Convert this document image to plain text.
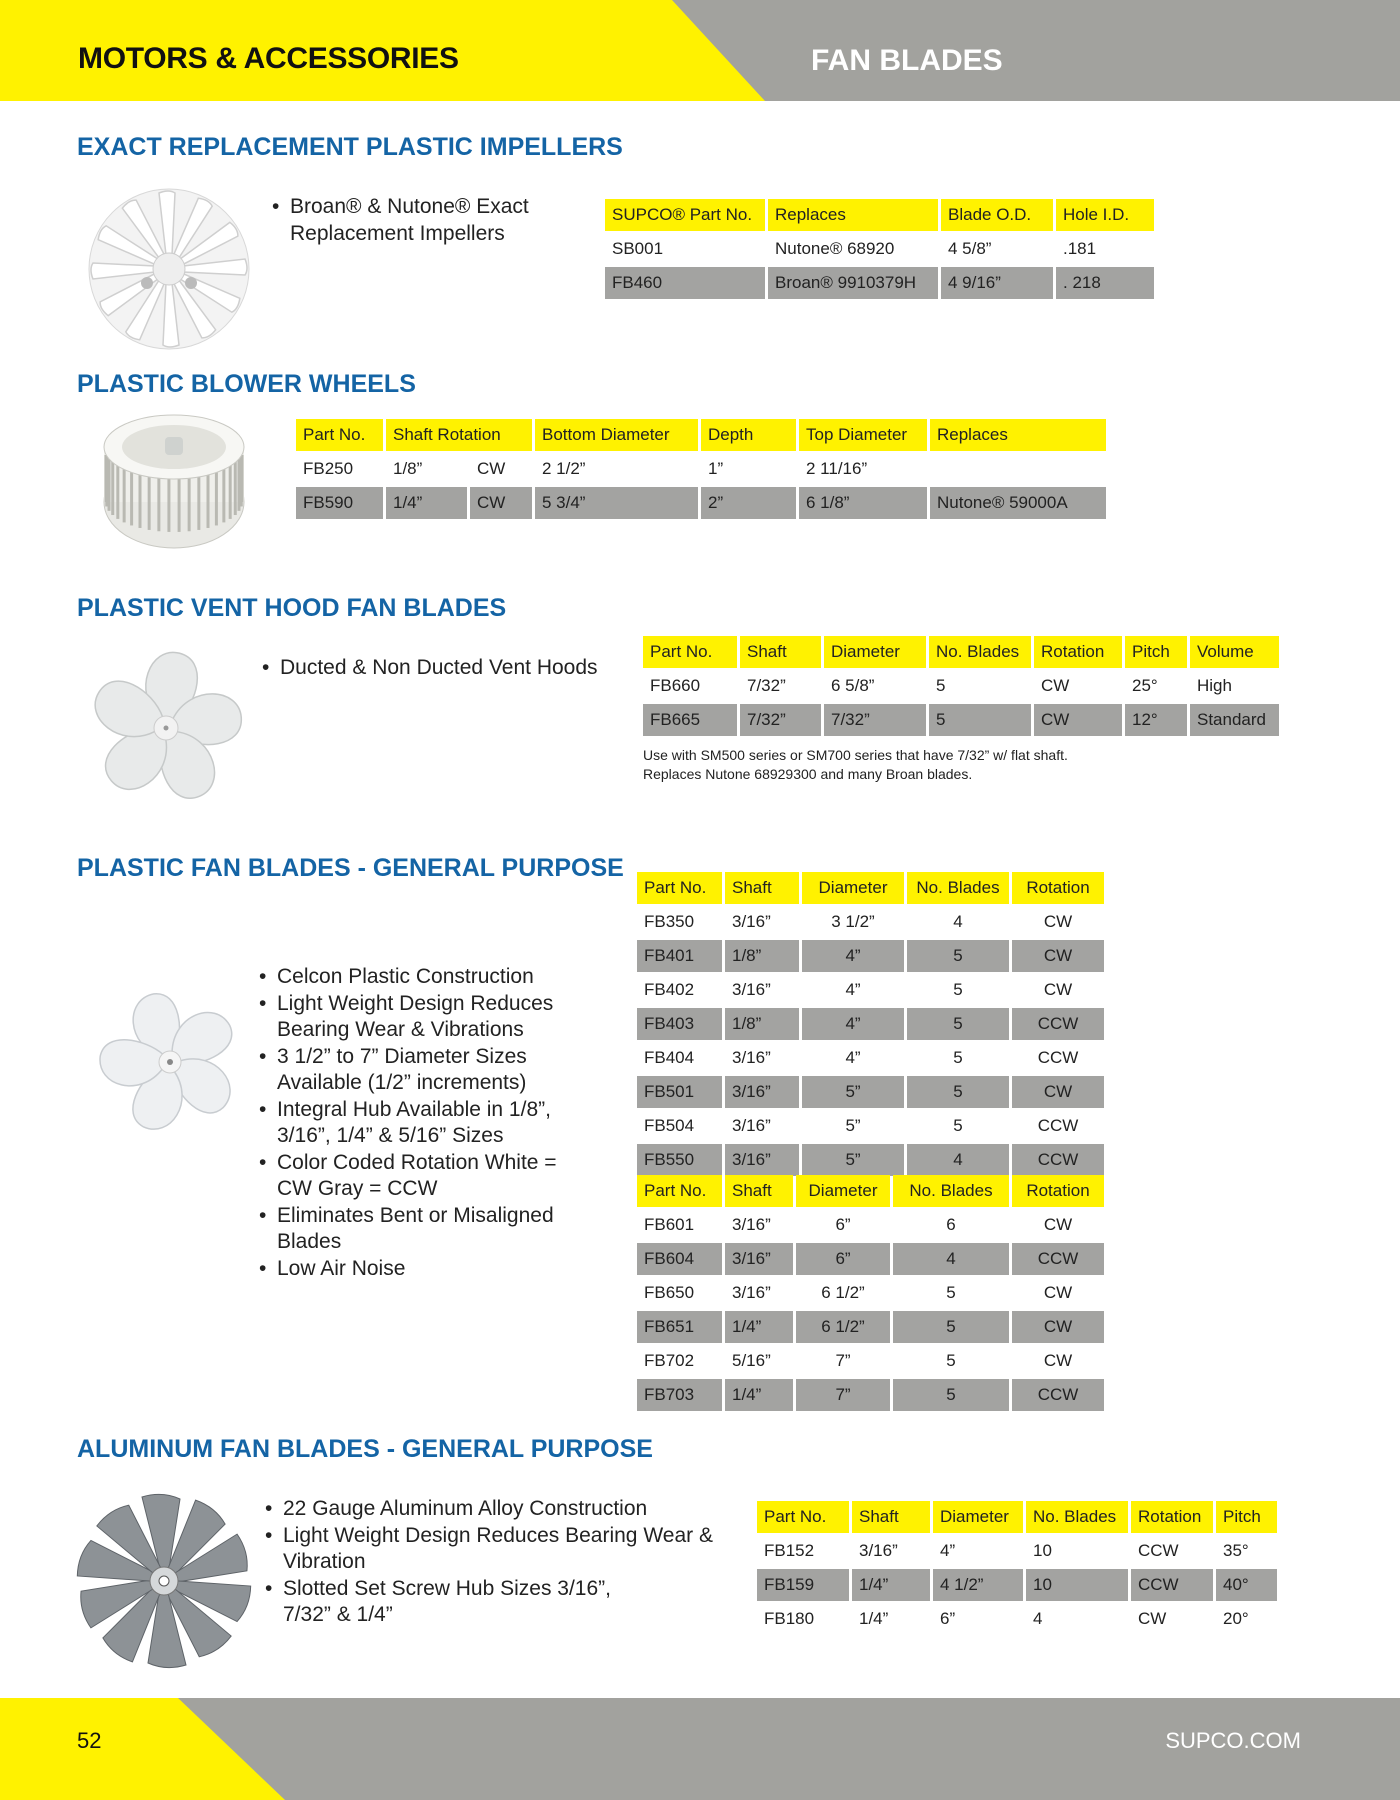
MOTORS & ACCESSORIES	FAN BLADES
EXACT REPLACEMENT PLASTIC IMPELLERS
• Broan® & Nutone® Exact Replacement Impellers
SUPCO® Part No.	Replaces	Blade O.D.	Hole I.D.
SB001	Nutone® 68920	4 5/8”	.181
FB460	Broan® 9910379H	4 9/16”	. 218
PLASTIC BLOWER WHEELS
Part No.	Shaft Rotation		Bottom Diameter	Depth	Top Diameter	Replaces
FB250	1/8”	CW	2 1/2”	1”	2 11/16”	
FB590	1/4”	CW	5 3/4”	2”	6 1/8”	Nutone® 59000A
PLASTIC VENT HOOD FAN BLADES
• Ducted & Non Ducted Vent Hoods
Part No.	Shaft	Diameter	No. Blades	Rotation	Pitch	Volume
FB660	7/32”	6 5/8”	5	CW	25°	High
FB665	7/32”	7/32”	5	CW	12°	Standard
Use with SM500 series or SM700 series that have 7/32” w/ flat shaft.
Replaces Nutone 68929300 and many Broan blades.
PLASTIC FAN BLADES - GENERAL PURPOSE
• Celcon Plastic Construction
• Light Weight Design Reduces Bearing Wear & Vibrations
• 3 1/2” to 7” Diameter Sizes Available (1/2” increments)
• Integral Hub Available in 1/8”, 3/16”, 1/4” & 5/16” Sizes
• Color Coded Rotation White = CW Gray = CCW
• Eliminates Bent or Misaligned Blades
• Low Air Noise
Part No.	Shaft	Diameter	No. Blades	Rotation
FB350	3/16”	3 1/2”	4	CW
FB401	1/8”	4”	5	CW
FB402	3/16”	4”	5	CW
FB403	1/8”	4”	5	CCW
FB404	3/16”	4”	5	CCW
FB501	3/16”	5”	5	CW
FB504	3/16”	5”	5	CCW
FB550	3/16”	5”	4	CCW
Part No.	Shaft	Diameter	No. Blades	Rotation
FB601	3/16”	6”	6	CW
FB604	3/16”	6”	4	CCW
FB650	3/16”	6 1/2”	5	CW
FB651	1/4”	6 1/2”	5	CW
FB702	5/16”	7”	5	CW
FB703	1/4”	7”	5	CCW
ALUMINUM FAN BLADES - GENERAL PURPOSE
• 22 Gauge Aluminum Alloy Construction
• Light Weight Design Reduces Bearing Wear & Vibration
• Slotted Set Screw Hub Sizes 3/16”, 7/32” & 1/4”
Part No.	Shaft	Diameter	No. Blades	Rotation	Pitch
FB152	3/16”	4”	10	CCW	35°
FB159	1/4”	4 1/2”	10	CCW	40°
FB180	1/4”	6”	4	CW	20°
52	SUPCO.COM
